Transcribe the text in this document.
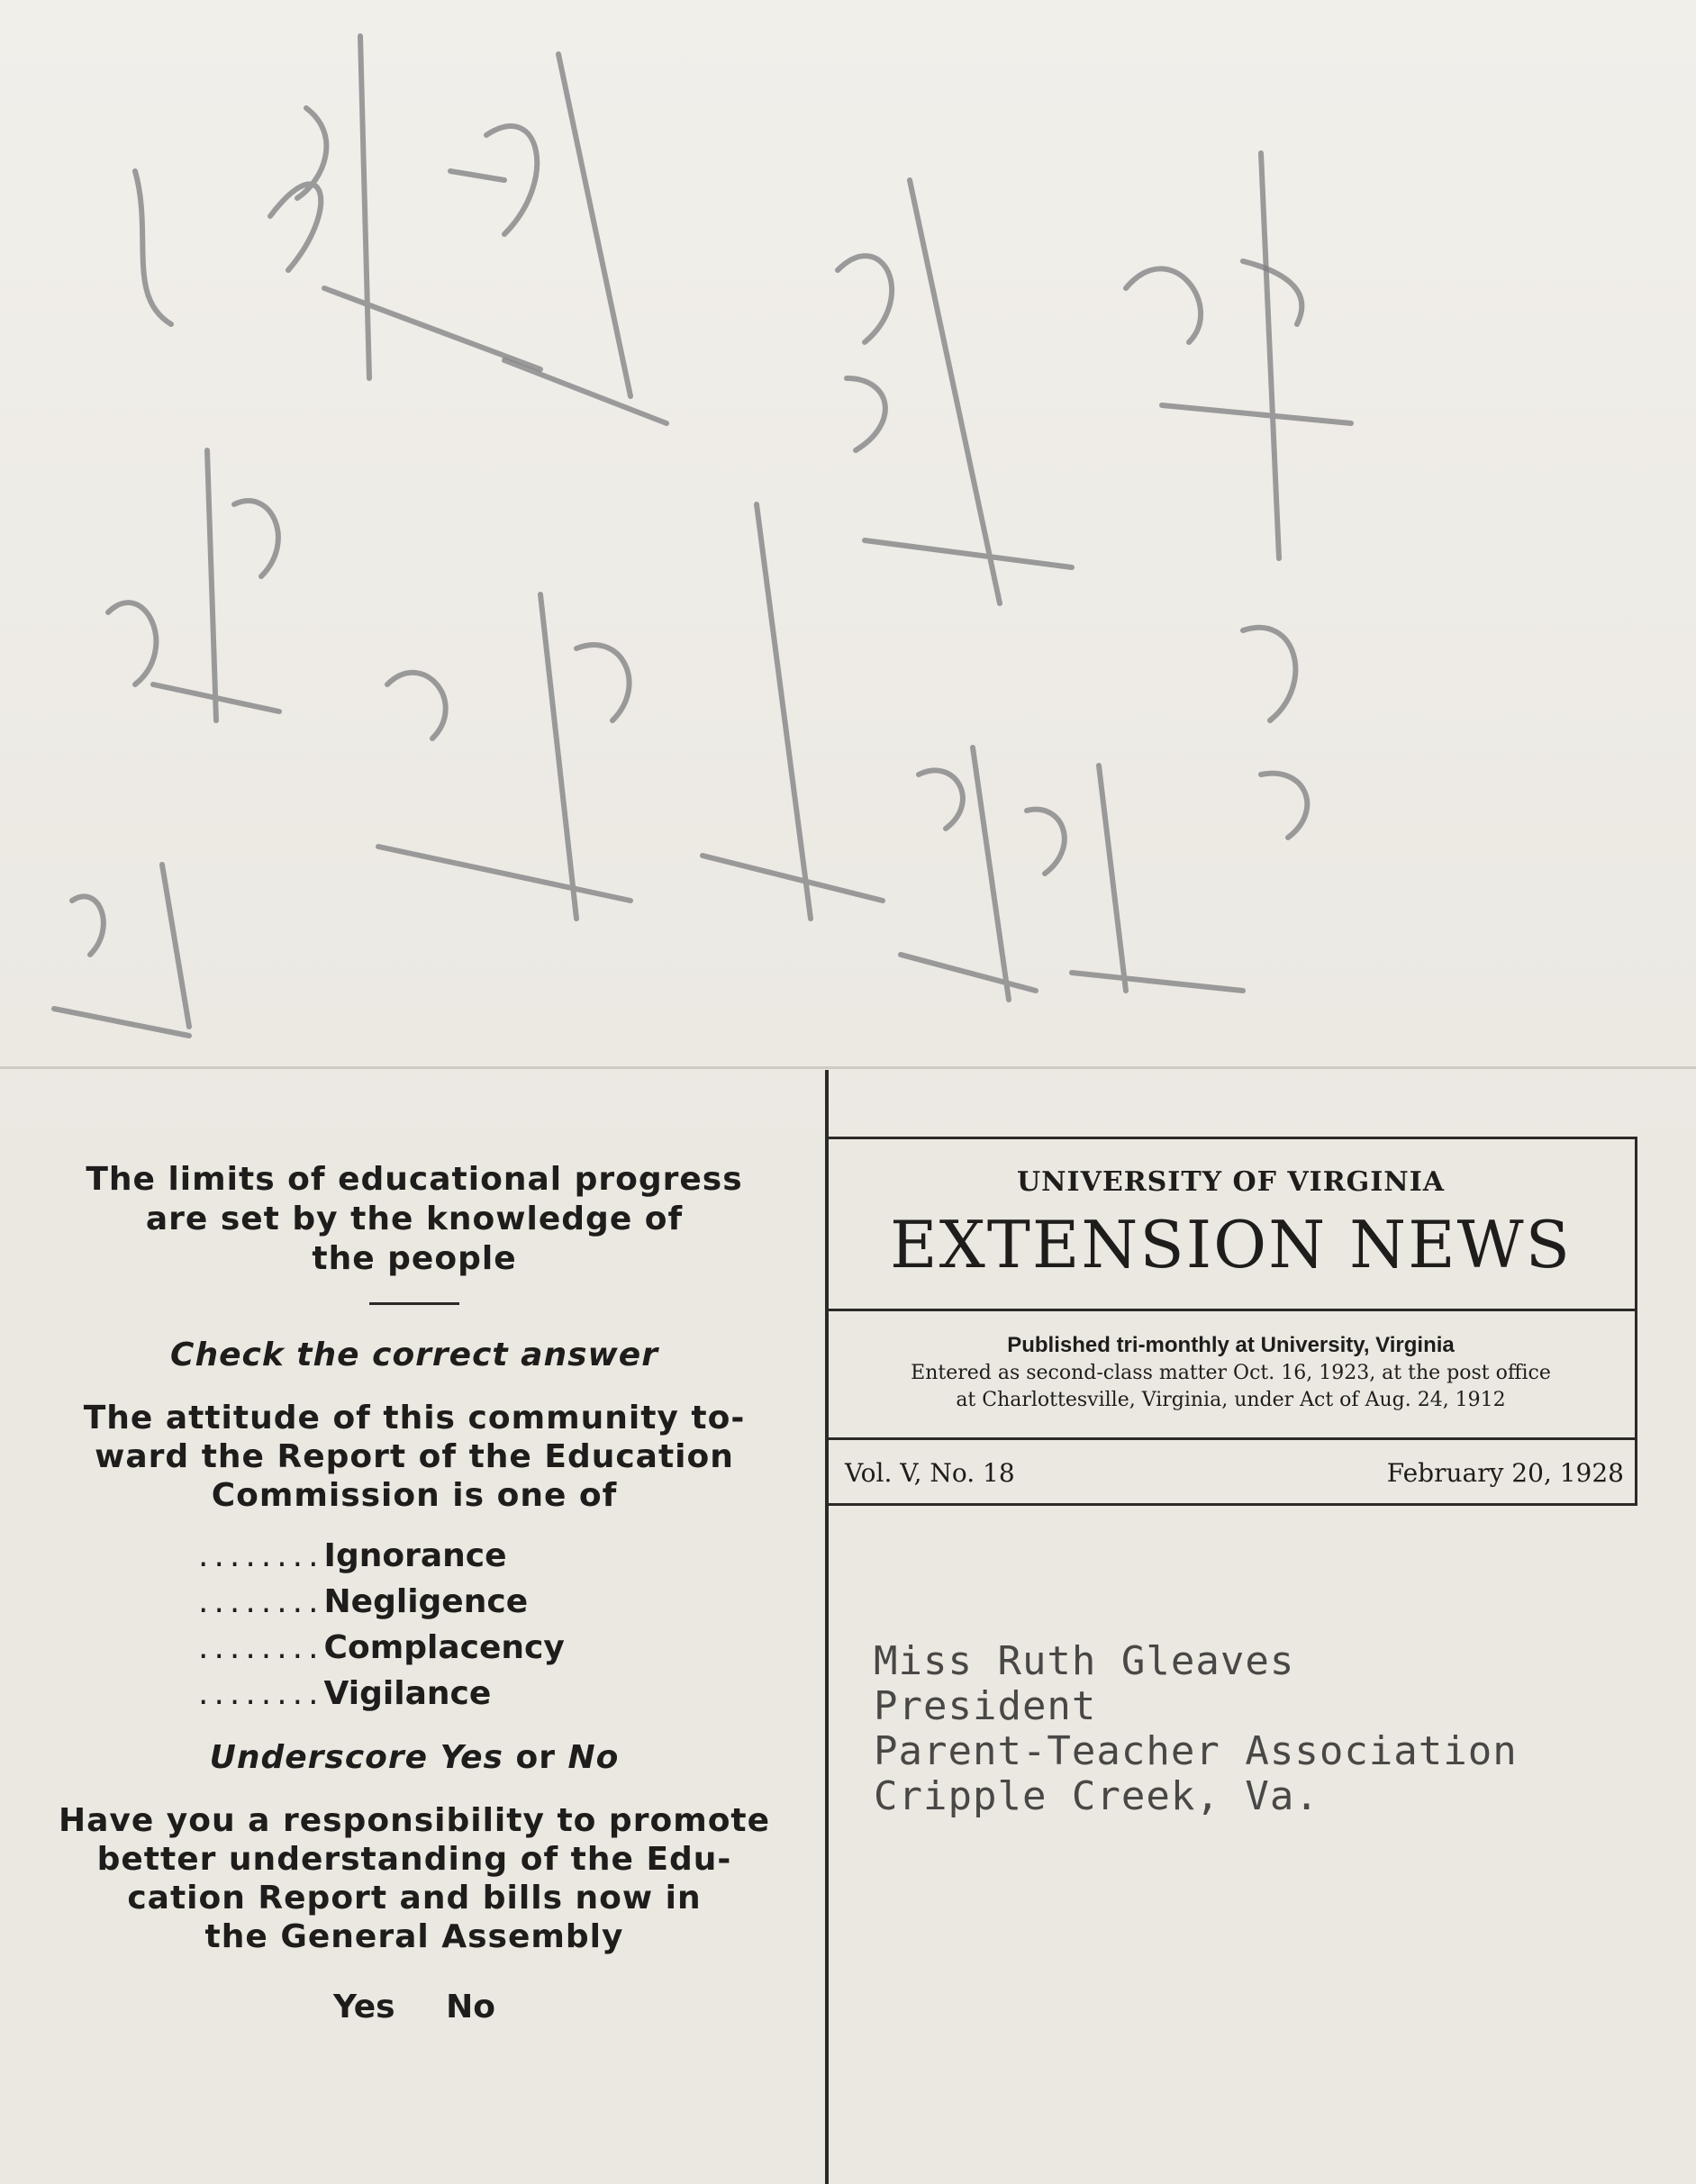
The limits of educational progress
are set by the knowledge of
the people

Check the correct answer

The attitude of this community to-
ward the Report of the Education
Commission is one of

........Ignorance
........Negligence
........Complacency
........Vigilance

Underscore Yes or No

Have you a responsibility to promote
better understanding of the Edu-
cation Report and bills now in
the General Assembly

Yes No
UNIVERSITY OF VIRGINIA
EXTENSION NEWS
Published tri-monthly at University, Virginia
Entered as second-class matter Oct. 16, 1923, at the post office
at Charlottesville, Virginia, under Act of Aug. 24, 1912
Vol. V, No. 18	February 20, 1928
Miss Ruth Gleaves
President
Parent-Teacher Association
Cripple Creek, Va.
